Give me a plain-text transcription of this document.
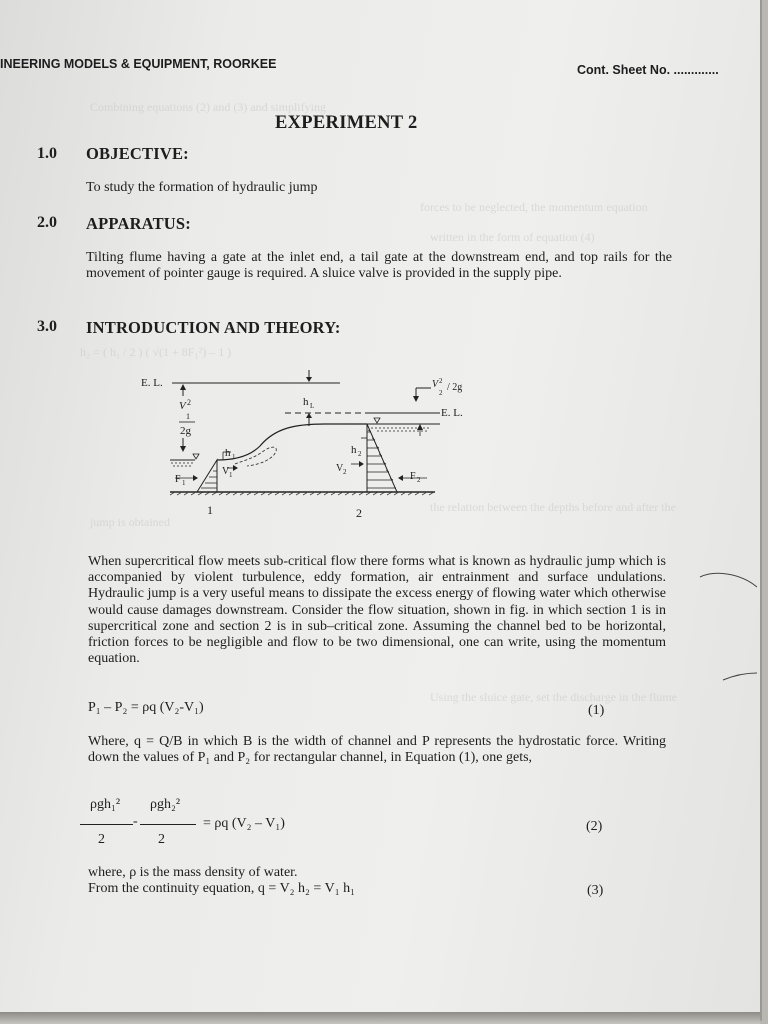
Combining equations (2) and (3) and simplifying
forces to be neglected, the momentum equation
written in the form of equation (4)
h₂ = ( h₁ / 2 ) ( √(1 + 8F₁²) – 1 )
the relation between the depths before and after the
jump is obtained
Using the sluice gate, set the discharge in the flume
INEERING MODELS & EQUIPMENT, ROORKEE	Cont. Sheet No. .............
EXPERIMENT 2
1.0 OBJECTIVE:
To study the formation of hydraulic jump
2.0 APPARATUS:
Tilting flume having a gate at the inlet end, a tail gate at the downstream end, and top rails for the movement of pointer gauge is required. A sluice valve is provided in the supply pipe.
3.0 INTRODUCTION AND THEORY:
E. L.
E. L.
V 2
1
2g
V 2
2 / 2g
h L
h 1
h 2
V 1
V 2
F 1
F 2
1	2
When supercritical flow meets sub-critical flow there forms what is known as hydraulic jump which is accompanied by violent turbulence, eddy formation, air entrainment and surface undulations. Hydraulic jump is a very useful means to dissipate the excess energy of flowing water which otherwise would cause damages downstream. Consider the flow situation, shown in fig. in which section 1 is in supercritical zone and section 2 is in sub–critical zone. Assuming the channel bed to be horizontal, friction forces to be negligible and flow to be two dimensional, one can write, using the momentum equation.
P₁ – P₂ = ρq (V₂-V₁)	(1)
Where, q = Q/B in which B is the width of channel and P represents the hydrostatic force. Writing down the values of P₁ and P₂ for rectangular channel, in Equation (1), one gets,
ρgh₁² ρgh₂²
-	= ρq (V₂ – V₁)
2	2
(2)
where, ρ is the mass density of water.
From the continuity equation, q = V₂ h₂ = V₁ h₁	(3)
